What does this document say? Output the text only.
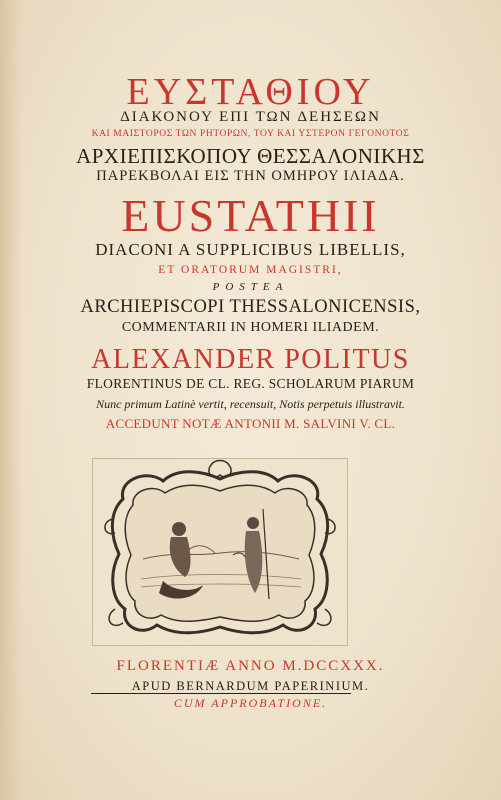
ΕΥΣΤΑΘΙΟΥ
ΔΙΑΚΟΝΟΥ ΕΠΙ ΤΩΝ ΔΕΗΣΕΩΝ
ΚΑΙ ΜΑΙΣΤΟΡΟΣ ΤΩΝ ΡΗΤΟΡΩΝ, ΤΟΥ ΚΑΙ ΥΣΤΕΡΟΝ ΓΕΓΟΝΟΤΟΣ
ΑΡΧΙΕΠΙΣΚΟΠΟΥ ΘΕΣΣΑΛΟΝΙΚΗΣ
ΠΑΡΕΚΒΟΛΑΙ ΕΙΣ ΤΗΝ ΟΜΗΡΟΥ ΙΛΙΑΔΑ.
EUSTATHII
DIACONI A SUPPLICIBUS LIBELLIS,
ET ORATORUM MAGISTRI,
POSTEA
ARCHIEPISCOPI THESSALONICENSIS,
COMMENTARII IN HOMERI ILIADEM.
ALEXANDER POLITUS
FLORENTINUS DE CL. REG. SCHOLARUM PIARUM
Nunc primum Latinè vertit, recensuit, Notis perpetuis illustravit.
ACCEDUNT NOTÆ ANTONII M. SALVINI V. CL.
FLORENTIÆ ANNO M.DCCXXX.
APUD BERNARDUM PAPERINIUM.
CUM APPROBATIONE.
